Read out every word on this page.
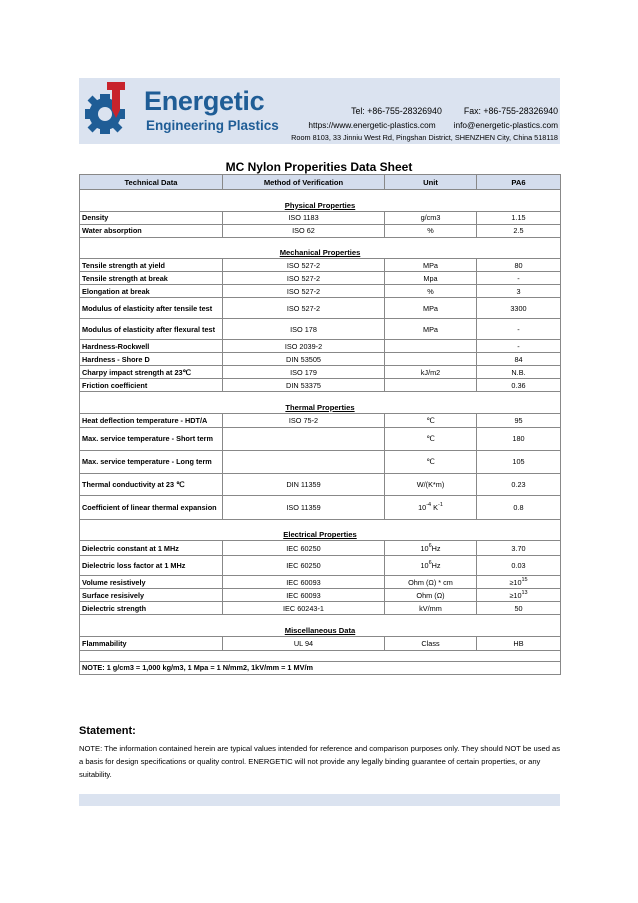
Energetic
Engineering Plastics
Tel: +86-755-28326940	Fax: +86-755-28326940
https://www.energetic-plastics.com info@energetic-plastics.com
Room 8103, 33 Jinniu West Rd, Pingshan District, SHENZHEN City, China 518118
MC Nylon Properities Data Sheet
Technical Data	Method of Verification	Unit	PA6

Physical Properties			
Density	ISO 1183	g/cm3	1.15
Water absorption	ISO 62	%	2.5

Mechanical Properties			
Tensile strength at yield	ISO 527-2	MPa	80
Tensile strength at break	ISO 527-2	Mpa	-
Elongation at break	ISO 527-2	%	3
Modulus of elasticity after tensile test	ISO 527-2	MPa	3300
Modulus of elasticity after flexural test	ISO 178	MPa	-
Hardness-Rockwell	ISO 2039-2		-
Hardness - Shore D	DIN 53505		84
Charpy impact strength at 23℃	ISO 179	kJ/m2	N.B.
Friction coefficient	DIN 53375		0.36

Thermal Properties			
Heat deflection temperature - HDT/A	ISO 75-2	℃	95
Max. service temperature - Short term		℃	180
Max. service temperature - Long term		℃	105
Thermal conductivity at 23 ℃	DIN 11359	W/(K*m)	0.23
Coefficient of linear thermal expansion	ISO 11359	$10^{-4}$ $K^{-1}$	0.8

Electrical Properties			
Dielectric constant at 1 MHz	IEC 60250	$10^6Hz$	3.70
Dielectric loss factor at 1 MHz	IEC 60250	$10^6Hz$	0.03
Volume resistively	IEC 60093	Ohm (Ω) * cm	$\ge 10^{15}$
Surface resisively	IEC 60093	Ohm (Ω)	$\ge 10^{13}$
Dielectric strength	IEC 60243-1	kV/mm	50

Miscellaneous Data			
Flammability	UL 94	Class	HB

NOTE: 1 g/cm3 = 1,000 kg/m3, 1 Mpa = 1 N/mm2, 1kV/mm = 1 MV/m			
Statement:
NOTE: The information contained herein are typical values intended for reference and comparison purposes only. They should NOT be used as a basis for design specifications or quality control. ENERGETIC will not provide any legally binding guarantee of certain properties, or any suitability.
